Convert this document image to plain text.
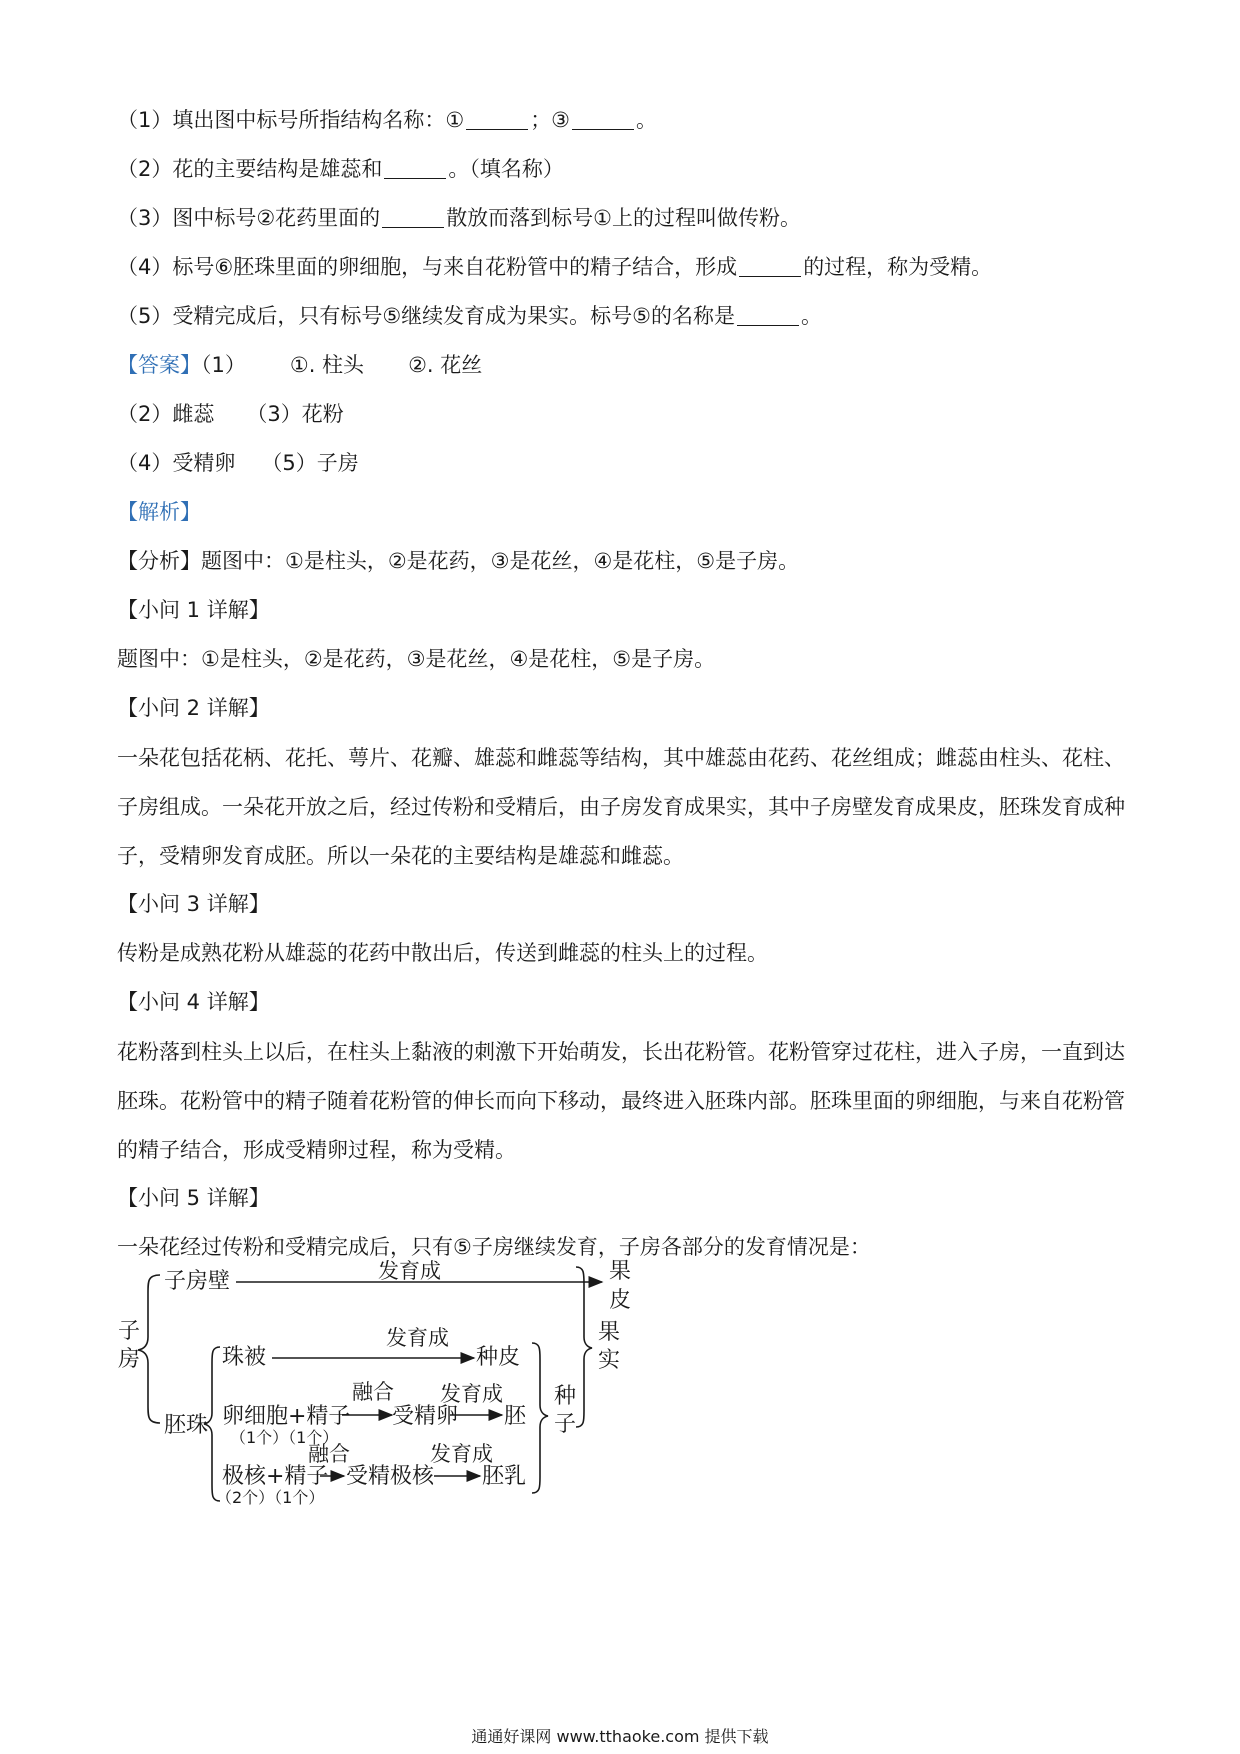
（1）填出图中标号所指结构名称：①	；③	。
（2）花的主要结构是雄蕊和	。（填名称）
（3）图中标号②花药里面的	散放而落到标号①上的过程叫做传粉。
（4）标号⑥胚珠里面的卵细胞，与来自花粉管中的精子结合，形成	的过程，称为受精。
（5）受精完成后，只有标号⑤继续发育成为果实。标号⑤的名称是	。
【答案】（1） ①. 柱头 ②. 花丝
（2）雌蕊 （3）花粉
（4）受精卵 （5）子房
【解析】
【分析】题图中：①是柱头，②是花药，③是花丝，④是花柱，⑤是子房。
【小问 1 详解】
题图中：①是柱头，②是花药，③是花丝，④是花柱，⑤是子房。
【小问 2 详解】
一朵花包括花柄、花托、萼片、花瓣、雄蕊和雌蕊等结构，其中雄蕊由花药、花丝组成；雌蕊由柱头、花柱、子房组成。一朵花开放之后，经过传粉和受精后，由子房发育成果实，其中子房壁发育成果皮，胚珠发育成种子，受精卵发育成胚。所以一朵花的主要结构是雄蕊和雌蕊。
【小问 3 详解】
传粉是成熟花粉从雄蕊的花药中散出后，传送到雌蕊的柱头上的过程。
【小问 4 详解】
花粉落到柱头上以后，在柱头上黏液的刺激下开始萌发，长出花粉管。花粉管穿过花柱，进入子房，一直到达胚珠。花粉管中的精子随着花粉管的伸长而向下移动，最终进入胚珠内部。胚珠里面的卵细胞，与来自花粉管的精子结合，形成受精卵过程，称为受精。
【小问 5 详解】
一朵花经过传粉和受精完成后，只有⑤子房继续发育，子房各部分的发育情况是：
子
房
子房壁	发育成	果
皮
胚珠
珠被
发育成
种皮
卵细胞+精子
（1个）（1个）
融合
受精卵
发育成
胚
极核+精子
（2个）（1个）
融合
受精极核
发育成
胚乳
种
子
果
实
通通好课网 www.tthaoke.com 提供下载
